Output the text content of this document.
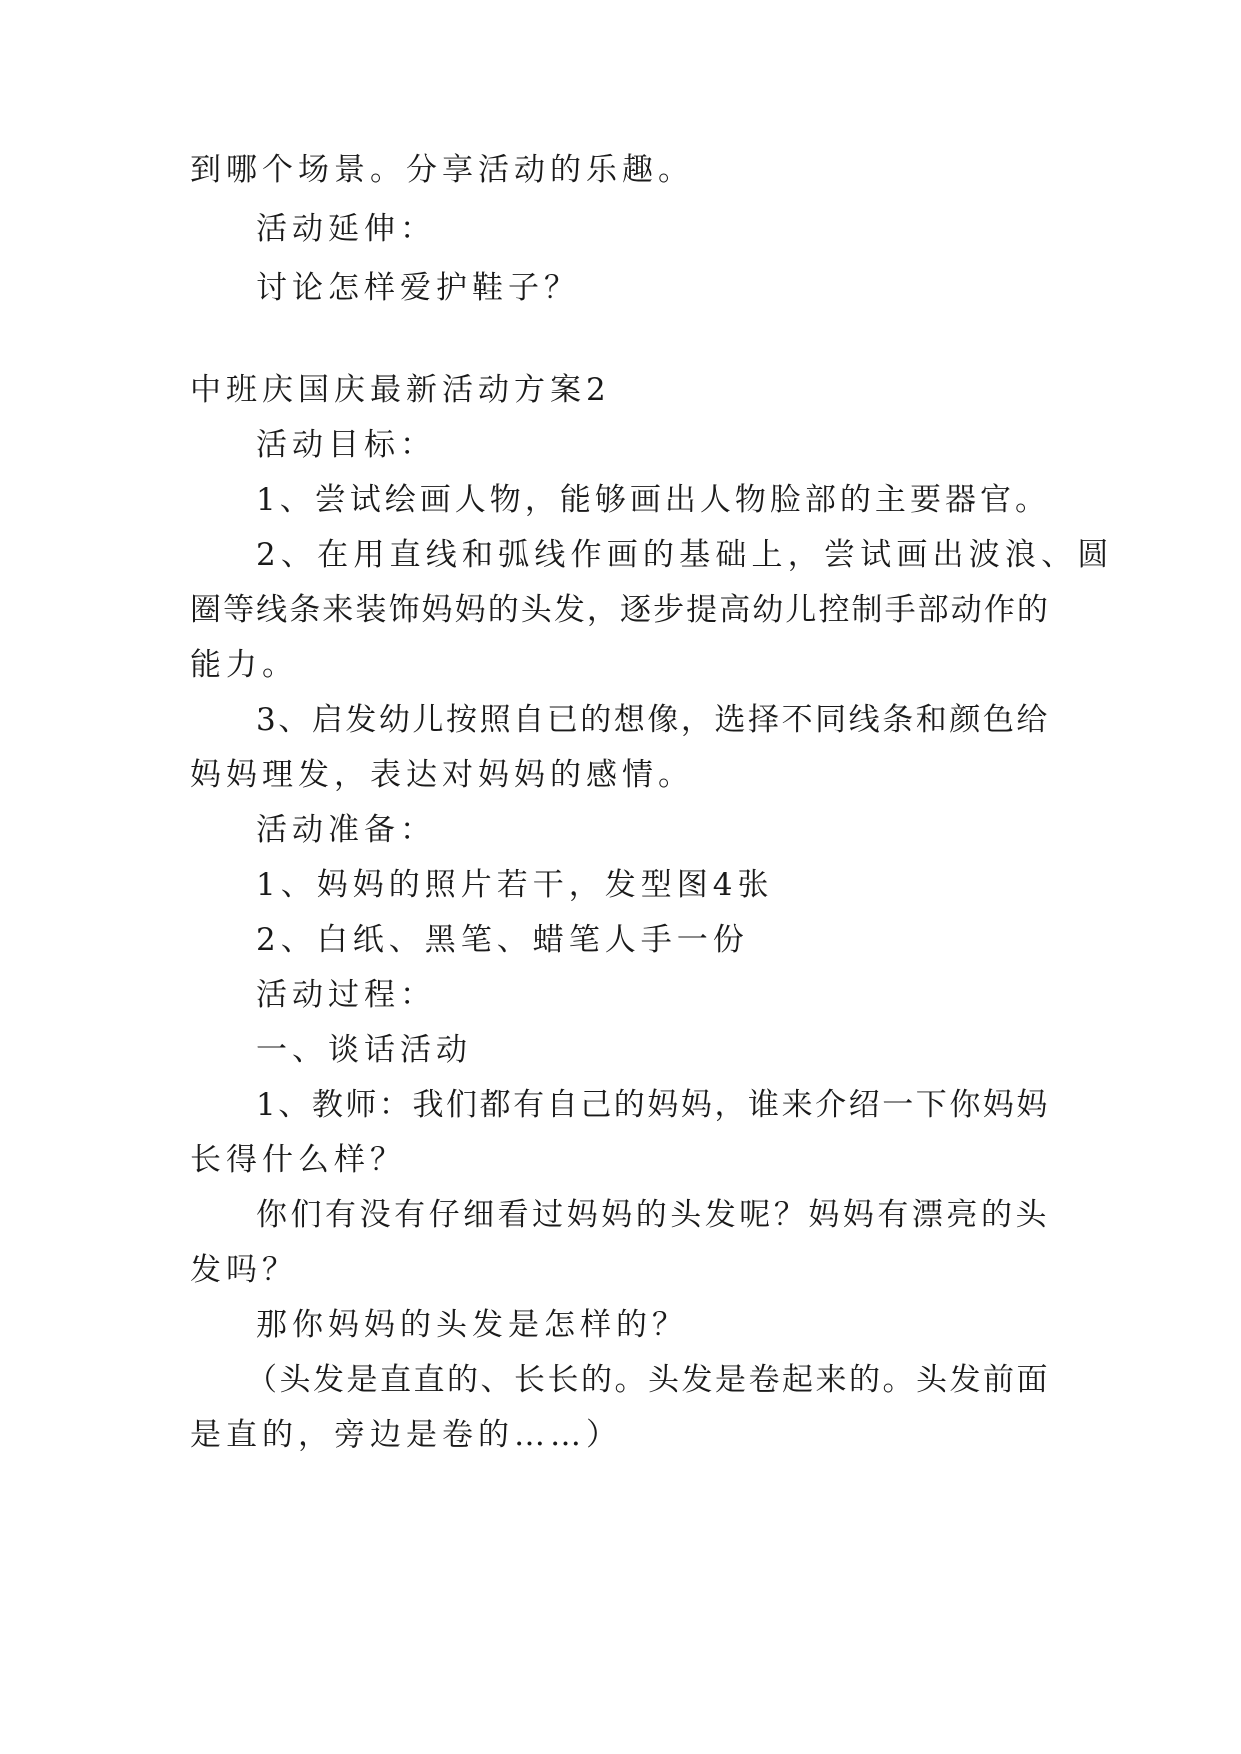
到哪个场景。分享活动的乐趣。
活动延伸：
讨论怎样爱护鞋子？
中班庆国庆最新活动方案2
活动目标：
1、尝试绘画人物，能够画出人物脸部的主要器官。
2、在用直线和弧线作画的基础上，尝试画出波浪、圆
圈等线条来装饰妈妈的头发，逐步提高幼儿控制手部动作的
能力。
3、启发幼儿按照自已的想像，选择不同线条和颜色给
妈妈理发，表达对妈妈的感情。
活动准备：
1、妈妈的照片若干，发型图4张
2、白纸、黑笔、蜡笔人手一份
活动过程：
一、谈话活动
1、教师：我们都有自己的妈妈，谁来介绍一下你妈妈
长得什么样？
你们有没有仔细看过妈妈的头发呢？妈妈有漂亮的头
发吗？
那你妈妈的头发是怎样的？
（头发是直直的、长长的。头发是卷起来的。头发前面
是直的，旁边是卷的……）
